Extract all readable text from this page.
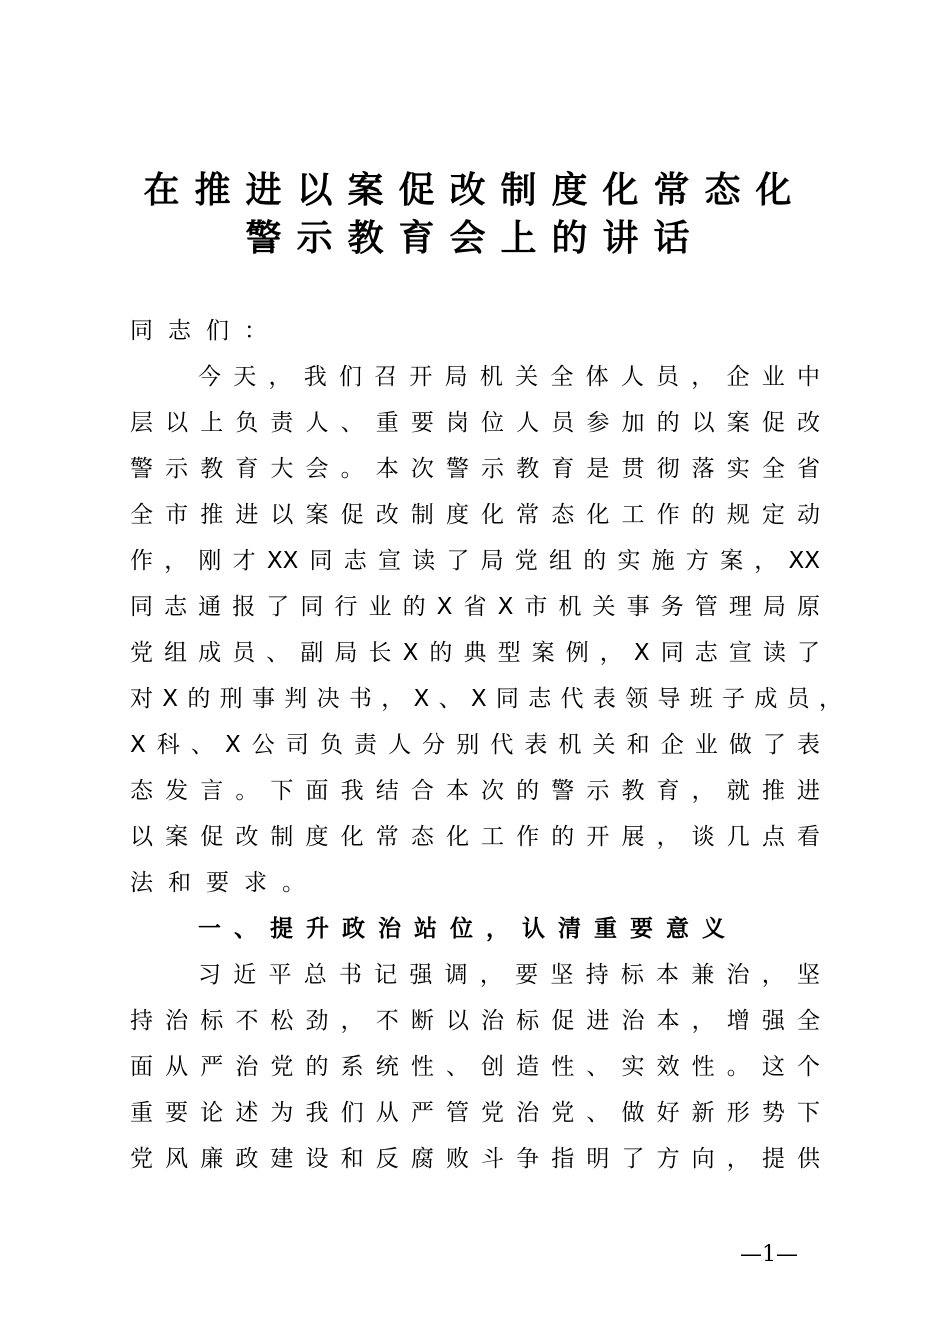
在推进以案促改制度化常态化
警示教育会上的讲话
同志们：
今天，我们召开局机关全体人员，企业中
层以上负责人、重要岗位人员参加的以案促改
警示教育大会。本次警示教育是贯彻落实全省
全市推进以案促改制度化常态化工作的规定动
作，刚才XX同志宣读了局党组的实施方案，XX
同志通报了同行业的X省X市机关事务管理局原
党组成员、副局长X的典型案例，X同志宣读了
对X的刑事判决书，X、X同志代表领导班子成员，
X科、X公司负责人分别代表机关和企业做了表
态发言。下面我结合本次的警示教育，就推进
以案促改制度化常态化工作的开展，谈几点看
法和要求。
一、提升政治站位，认清重要意义
习近平总书记强调，要坚持标本兼治，坚
持治标不松劲，不断以治标促进治本，增强全
面从严治党的系统性、创造性、实效性。这个
重要论述为我们从严管党治党、做好新形势下
党风廉政建设和反腐败斗争指明了方向，提供
—1—
